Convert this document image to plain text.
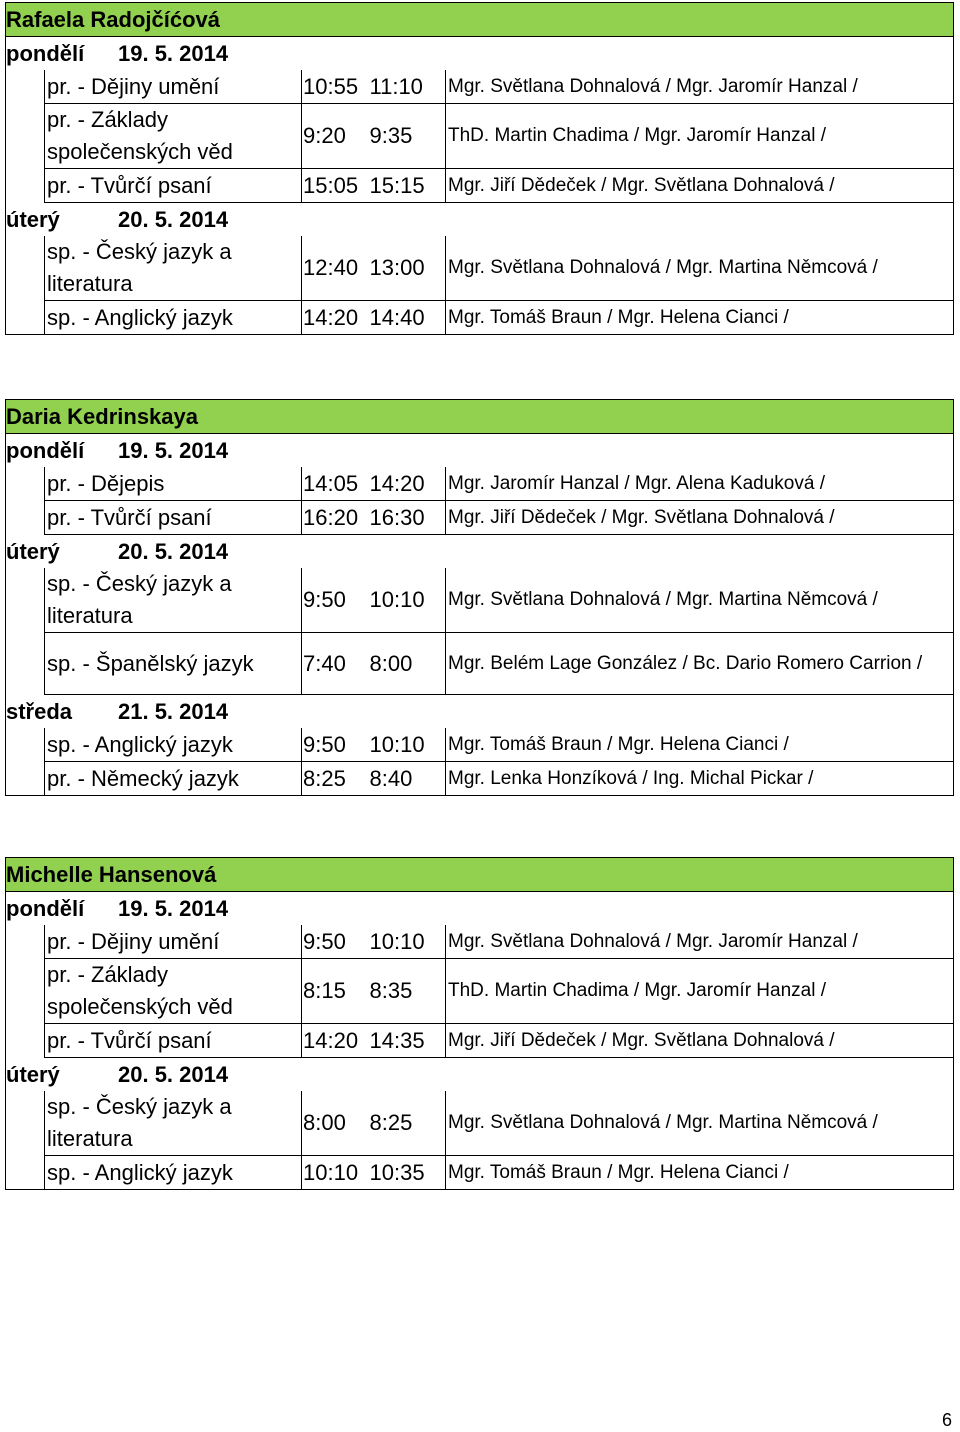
Rafaela Radojčíćová				
pondělí 19. 5. 2014				
	pr. - Dějiny umění	10:55	11:10	Mgr. Světlana Dohnalová / Mgr. Jaromír Hanzal /
	pr. - Základy společenských věd	9:20	9:35	ThD. Martin Chadima / Mgr. Jaromír Hanzal /
	pr. - Tvůrčí psaní	15:05	15:15	Mgr. Jiří Dědeček / Mgr. Světlana Dohnalová /
úterý 20. 5. 2014				
	sp. - Český jazyk a literatura	12:40	13:00	Mgr. Světlana Dohnalová / Mgr. Martina Němcová /
	sp. - Anglický jazyk	14:20	14:40	Mgr. Tomáš Braun / Mgr. Helena Cianci /
Daria Kedrinskaya				
pondělí 19. 5. 2014				
	pr. - Dějepis	14:05	14:20	Mgr. Jaromír Hanzal / Mgr. Alena Kaduková /
	pr. - Tvůrčí psaní	16:20	16:30	Mgr. Jiří Dědeček / Mgr. Světlana Dohnalová /
úterý 20. 5. 2014				
	sp. - Český jazyk a literatura	9:50	10:10	Mgr. Světlana Dohnalová / Mgr. Martina Němcová /
	sp. - Španělský jazyk	7:40	8:00	Mgr. Belém Lage González / Bc. Dario Romero Carrion /
středa 21. 5. 2014				
	sp. - Anglický jazyk	9:50	10:10	Mgr. Tomáš Braun / Mgr. Helena Cianci /
	pr. - Německý jazyk	8:25	8:40	Mgr. Lenka Honzíková / Ing. Michal Pickar /
Michelle Hansenová				
pondělí 19. 5. 2014				
	pr. - Dějiny umění	9:50	10:10	Mgr. Světlana Dohnalová / Mgr. Jaromír Hanzal /
	pr. - Základy společenských věd	8:15	8:35	ThD. Martin Chadima / Mgr. Jaromír Hanzal /
	pr. - Tvůrčí psaní	14:20	14:35	Mgr. Jiří Dědeček / Mgr. Světlana Dohnalová /
úterý 20. 5. 2014				
	sp. - Český jazyk a literatura	8:00	8:25	Mgr. Světlana Dohnalová / Mgr. Martina Němcová /
	sp. - Anglický jazyk	10:10	10:35	Mgr. Tomáš Braun / Mgr. Helena Cianci /
6
